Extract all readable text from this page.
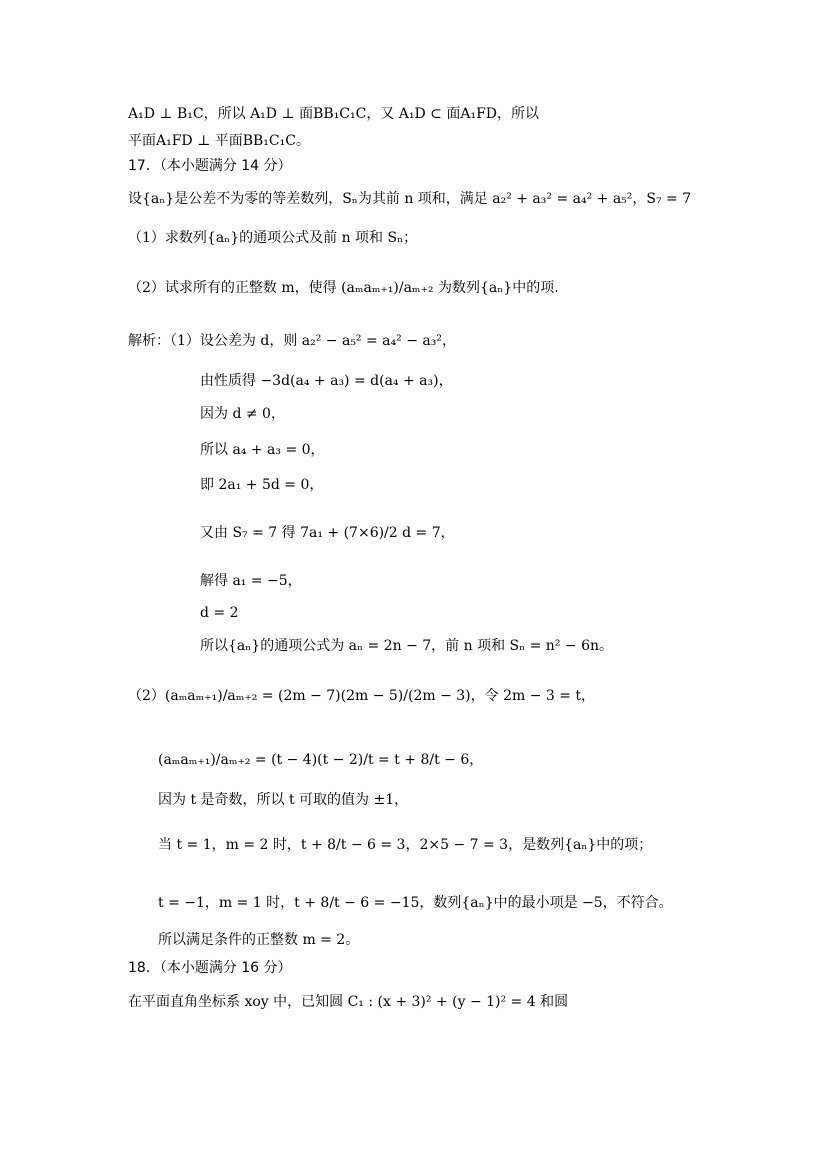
A₁D ⊥ B₁C，所以 A₁D ⊥ 面BB₁C₁C，又 A₁D ⊂ 面A₁FD，所以
平面A₁FD ⊥ 平面BB₁C₁C。
17．（本小题满分 14 分）
设{aₙ}是公差不为零的等差数列，Sₙ为其前 n 项和，满足 a₂² + a₃² = a₄² + a₅²，S₇ = 7
（1）求数列{aₙ}的通项公式及前 n 项和 Sₙ；
（2）试求所有的正整数 m，使得 (aₘaₘ₊₁)/aₘ₊₂ 为数列{aₙ}中的项.
解析：（1）设公差为 d，则 a₂² − a₅² = a₄² − a₃²，
由性质得 −3d(a₄ + a₃) = d(a₄ + a₃)，
因为 d ≠ 0，
所以 a₄ + a₃ = 0，
即 2a₁ + 5d = 0，
又由 S₇ = 7 得 7a₁ + (7×6)/2 d = 7，
解得 a₁ = −5，
d = 2
所以{aₙ}的通项公式为 aₙ = 2n − 7，前 n 项和 Sₙ = n² − 6n。
（2）(aₘaₘ₊₁)/aₘ₊₂ = (2m − 7)(2m − 5)/(2m − 3)，令 2m − 3 = t，
(aₘaₘ₊₁)/aₘ₊₂ = (t − 4)(t − 2)/t = t + 8/t − 6，
因为 t 是奇数，所以 t 可取的值为 ±1，
当 t = 1，m = 2 时，t + 8/t − 6 = 3，2×5 − 7 = 3，是数列{aₙ}中的项；
t = −1，m = 1 时，t + 8/t − 6 = −15，数列{aₙ}中的最小项是 −5，不符合。
所以满足条件的正整数 m = 2。
18．（本小题满分 16 分）
在平面直角坐标系 xoy 中，已知圆 C₁ : (x + 3)² + (y − 1)² = 4 和圆
